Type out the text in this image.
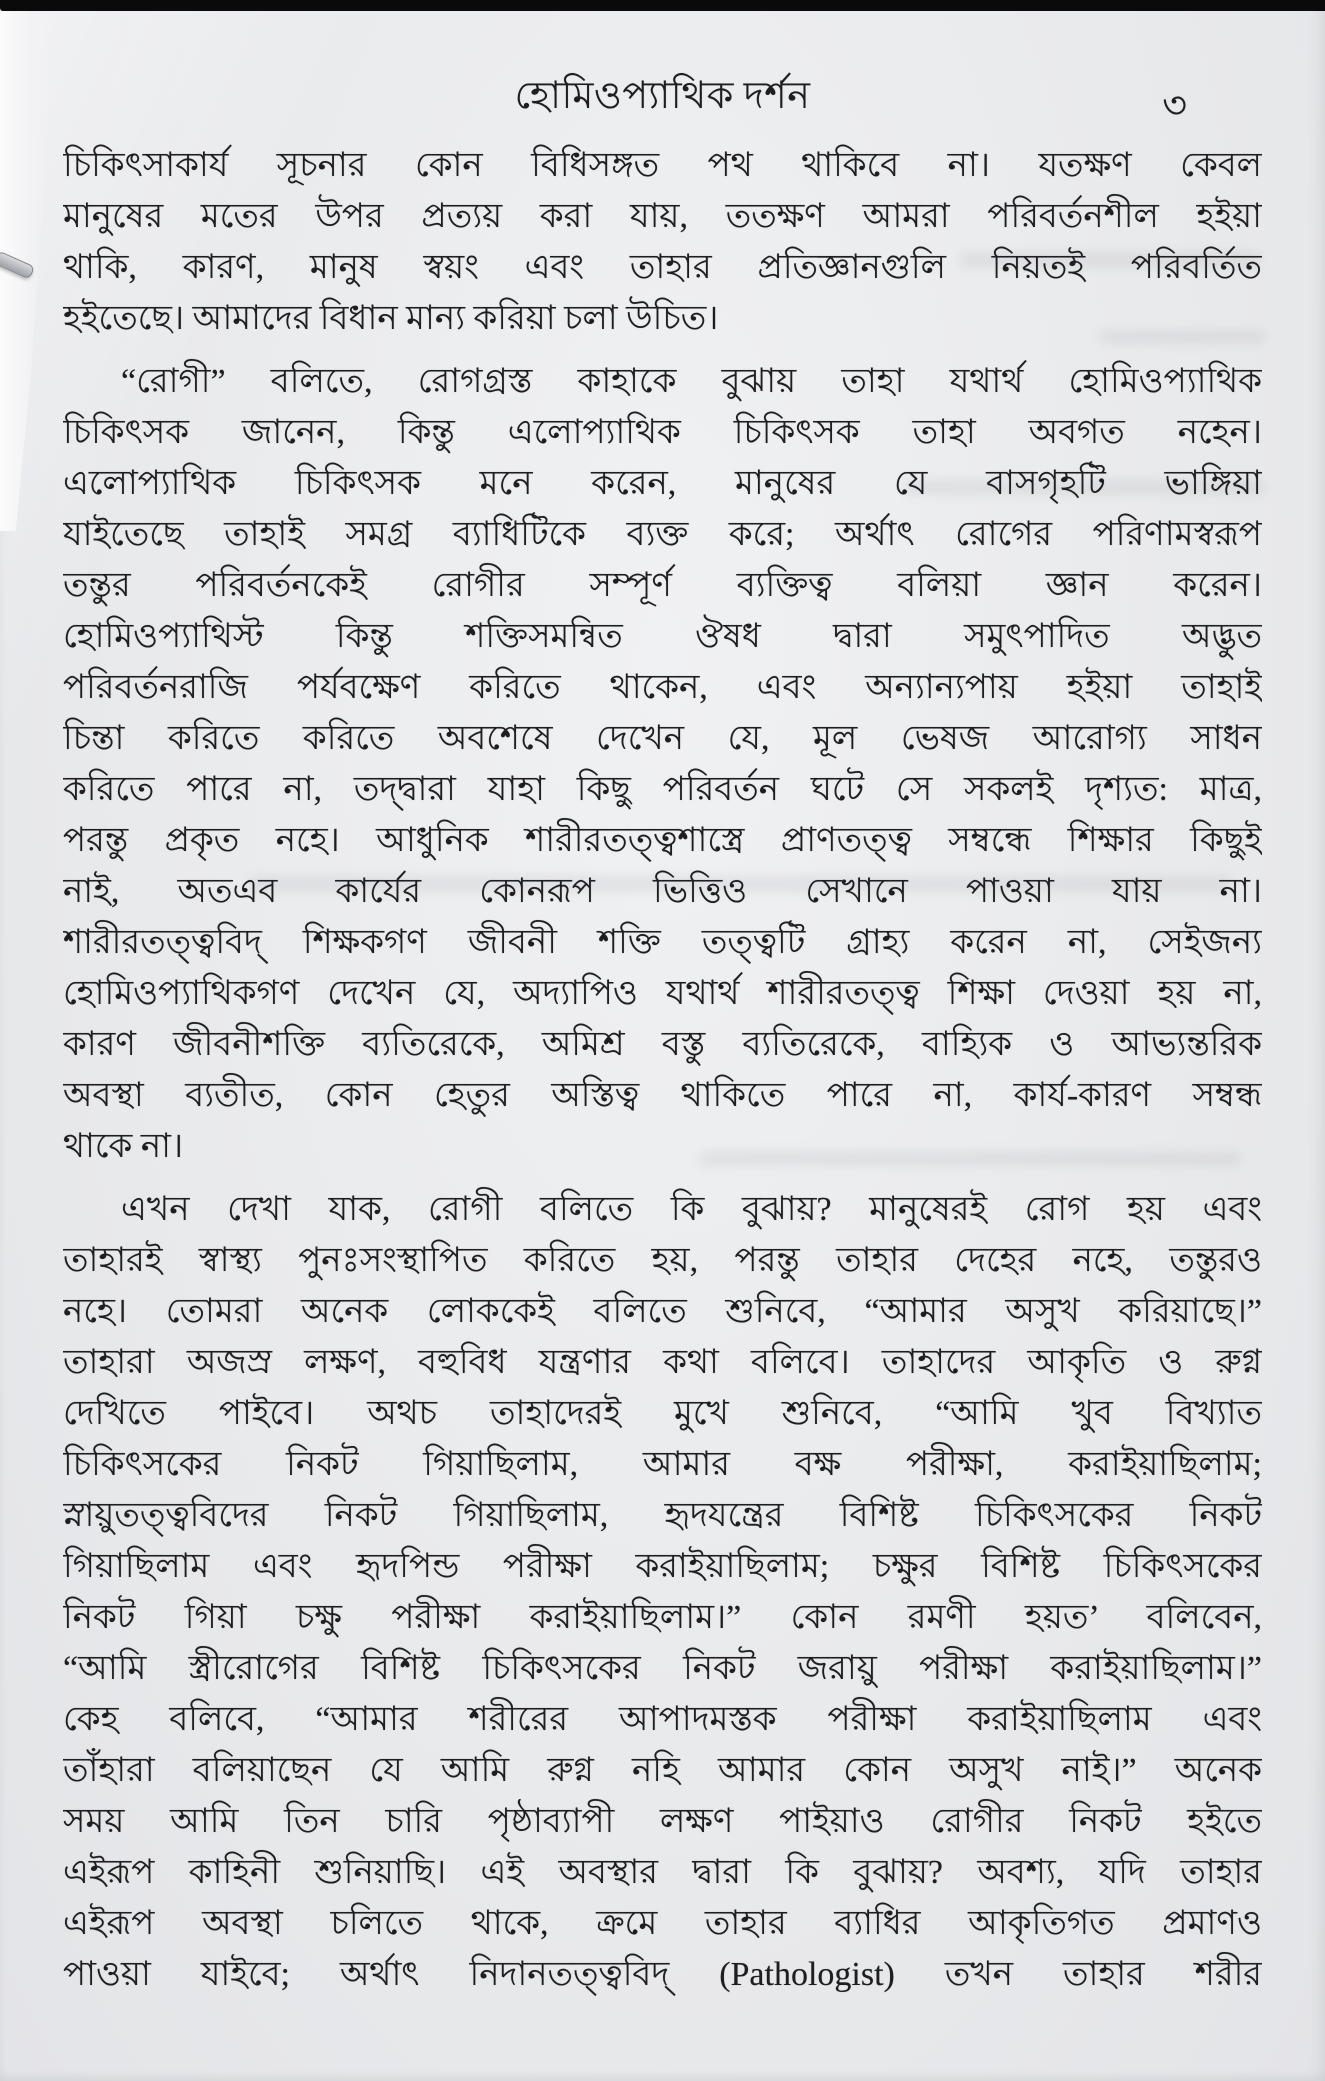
হোমিওপ্যাথিক দর্শন	৩
চিকিৎসাকার্য সূচনার কোন বিধিসঙ্গত পথ থাকিবে না। যতক্ষণ কেবল
মানুষের মতের উপর প্রত্যয় করা যায়, ততক্ষণ আমরা পরিবর্তনশীল হইয়া
থাকি, কারণ, মানুষ স্বয়ং এবং তাহার প্রতিজ্ঞানগুলি নিয়তই পরিবর্তিত
হইতেছে। আমাদের বিধান মান্য করিয়া চলা উচিত।
“রোগী” বলিতে, রোগগ্রস্ত কাহাকে বুঝায় তাহা যথার্থ হোমিওপ্যাথিক
চিকিৎসক জানেন, কিন্তু এলোপ্যাথিক চিকিৎসক তাহা অবগত নহেন।
এলোপ্যাথিক চিকিৎসক মনে করেন, মানুষের যে বাসগৃহটি ভাঙ্গিয়া
যাইতেছে তাহাই সমগ্র ব্যাধিটিকে ব্যক্ত করে; অর্থাৎ রোগের পরিণামস্বরূপ
তন্তুর পরিবর্তনকেই রোগীর সম্পূর্ণ ব্যক্তিত্ব বলিয়া জ্ঞান করেন।
হোমিওপ্যাথিস্ট কিন্তু শক্তিসমন্বিত ঔষধ দ্বারা সমুৎপাদিত অদ্ভুত
পরিবর্তনরাজি পর্যবক্ষেণ করিতে থাকেন, এবং অন্যান্যপায় হইয়া তাহাই
চিন্তা করিতে করিতে অবশেষে দেখেন যে, মূল ভেষজ আরোগ্য সাধন
করিতে পারে না, তদ্দ্বারা যাহা কিছু পরিবর্তন ঘটে সে সকলই দৃশ্যত: মাত্র,
পরন্তু প্রকৃত নহে। আধুনিক শারীরতত্ত্বশাস্ত্রে প্রাণতত্ত্ব সম্বন্ধে শিক্ষার কিছুই
নাই, অতএব কার্যের কোনরূপ ভিত্তিও সেখানে পাওয়া যায় না।
শারীরতত্ত্ববিদ্ শিক্ষকগণ জীবনী শক্তি তত্ত্বটি গ্রাহ্য করেন না, সেইজন্য
হোমিওপ্যাথিকগণ দেখেন যে, অদ্যাপিও যথার্থ শারীরতত্ত্ব শিক্ষা দেওয়া হয় না,
কারণ জীবনীশক্তি ব্যতিরেকে, অমিশ্র বস্তু ব্যতিরেকে, বাহ্যিক ও আভ্যন্তরিক
অবস্থা ব্যতীত, কোন হেতুর অস্তিত্ব থাকিতে পারে না, কার্য-কারণ সম্বন্ধ
থাকে না।
এখন দেখা যাক, রোগী বলিতে কি বুঝায়? মানুষেরই রোগ হয় এবং
তাহারই স্বাস্থ্য পুনঃসংস্থাপিত করিতে হয়, পরন্তু তাহার দেহের নহে, তন্তুরও
নহে। তোমরা অনেক লোককেই বলিতে শুনিবে, “আমার অসুখ করিয়াছে।”
তাহারা অজস্র লক্ষণ, বহুবিধ যন্ত্রণার কথা বলিবে। তাহাদের আকৃতি ও রুগ্ন
দেখিতে পাইবে। অথচ তাহাদেরই মুখে শুনিবে, “আমি খুব বিখ্যাত
চিকিৎসকের নিকট গিয়াছিলাম, আমার বক্ষ পরীক্ষা, করাইয়াছিলাম;
স্নায়ুতত্ত্ববিদের নিকট গিয়াছিলাম, হৃদযন্ত্রের বিশিষ্ট চিকিৎসকের নিকট
গিয়াছিলাম এবং হৃদপিন্ড পরীক্ষা করাইয়াছিলাম; চক্ষুর বিশিষ্ট চিকিৎসকের
নিকট গিয়া চক্ষু পরীক্ষা করাইয়াছিলাম।” কোন রমণী হয়ত’ বলিবেন,
“আমি স্ত্রীরোগের বিশিষ্ট চিকিৎসকের নিকট জরায়ু পরীক্ষা করাইয়াছিলাম।”
কেহ বলিবে, “আমার শরীরের আপাদমস্তক পরীক্ষা করাইয়াছিলাম এবং
তাঁহারা বলিয়াছেন যে আমি রুগ্ন নহি আমার কোন অসুখ নাই।” অনেক
সময় আমি তিন চারি পৃষ্ঠাব্যাপী লক্ষণ পাইয়াও রোগীর নিকট হইতে
এইরূপ কাহিনী শুনিয়াছি। এই অবস্থার দ্বারা কি বুঝায়? অবশ্য, যদি তাহার
এইরূপ অবস্থা চলিতে থাকে, ক্রমে তাহার ব্যাধির আকৃতিগত প্রমাণও
পাওয়া যাইবে; অর্থাৎ নিদানতত্ত্ববিদ্ (Pathologist) তখন তাহার শরীর
